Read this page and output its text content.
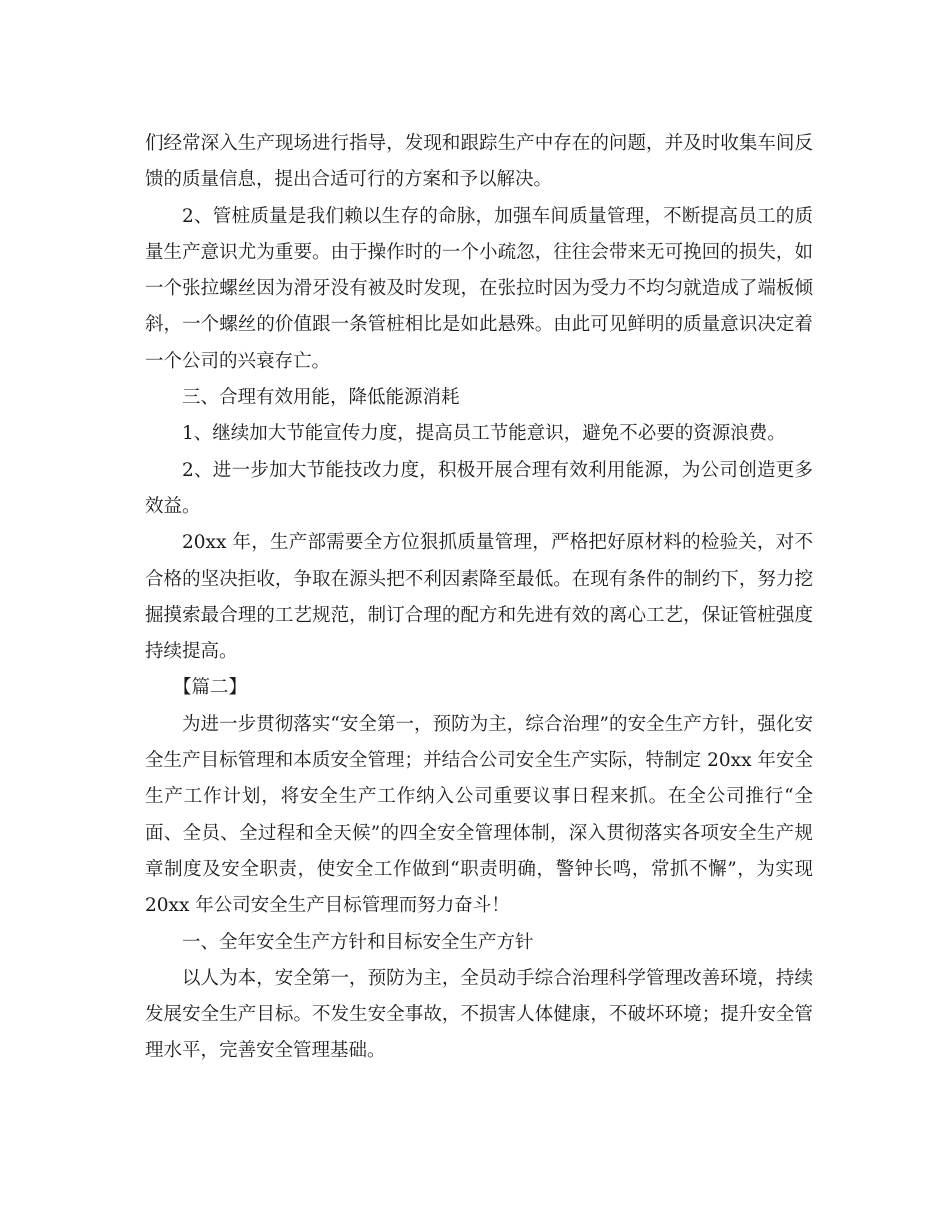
们经常深入生产现场进行指导，发现和跟踪生产中存在的问题，并及时收集车间反馈的质量信息，提出合适可行的方案和予以解决。

2、管桩质量是我们赖以生存的命脉，加强车间质量管理，不断提高员工的质量生产意识尤为重要。由于操作时的一个小疏忽，往往会带来无可挽回的损失，如一个张拉螺丝因为滑牙没有被及时发现，在张拉时因为受力不均匀就造成了端板倾斜，一个螺丝的价值跟一条管桩相比是如此悬殊。由此可见鲜明的质量意识决定着一个公司的兴衰存亡。

三、合理有效用能，降低能源消耗

1、继续加大节能宣传力度，提高员工节能意识，避免不必要的资源浪费。

2、进一步加大节能技改力度，积极开展合理有效利用能源，为公司创造更多效益。

20xx 年，生产部需要全方位狠抓质量管理，严格把好原材料的检验关，对不合格的坚决拒收，争取在源头把不利因素降至最低。在现有条件的制约下，努力挖掘摸索最合理的工艺规范，制订合理的配方和先进有效的离心工艺，保证管桩强度持续提高。

【篇二】

为进一步贯彻落实“安全第一，预防为主，综合治理”的安全生产方针，强化安全生产目标管理和本质安全管理；并结合公司安全生产实际，特制定 20xx 年安全生产工作计划，将安全生产工作纳入公司重要议事日程来抓。在全公司推行“全面、全员、全过程和全天候”的四全安全管理体制，深入贯彻落实各项安全生产规章制度及安全职责，使安全工作做到“职责明确，警钟长鸣，常抓不懈”，为实现 20xx 年公司安全生产目标管理而努力奋斗！

一、全年安全生产方针和目标安全生产方针

以人为本，安全第一，预防为主，全员动手综合治理科学管理改善环境，持续发展安全生产目标。不发生安全事故，不损害人体健康，不破坏环境；提升安全管理水平，完善安全管理基础。
